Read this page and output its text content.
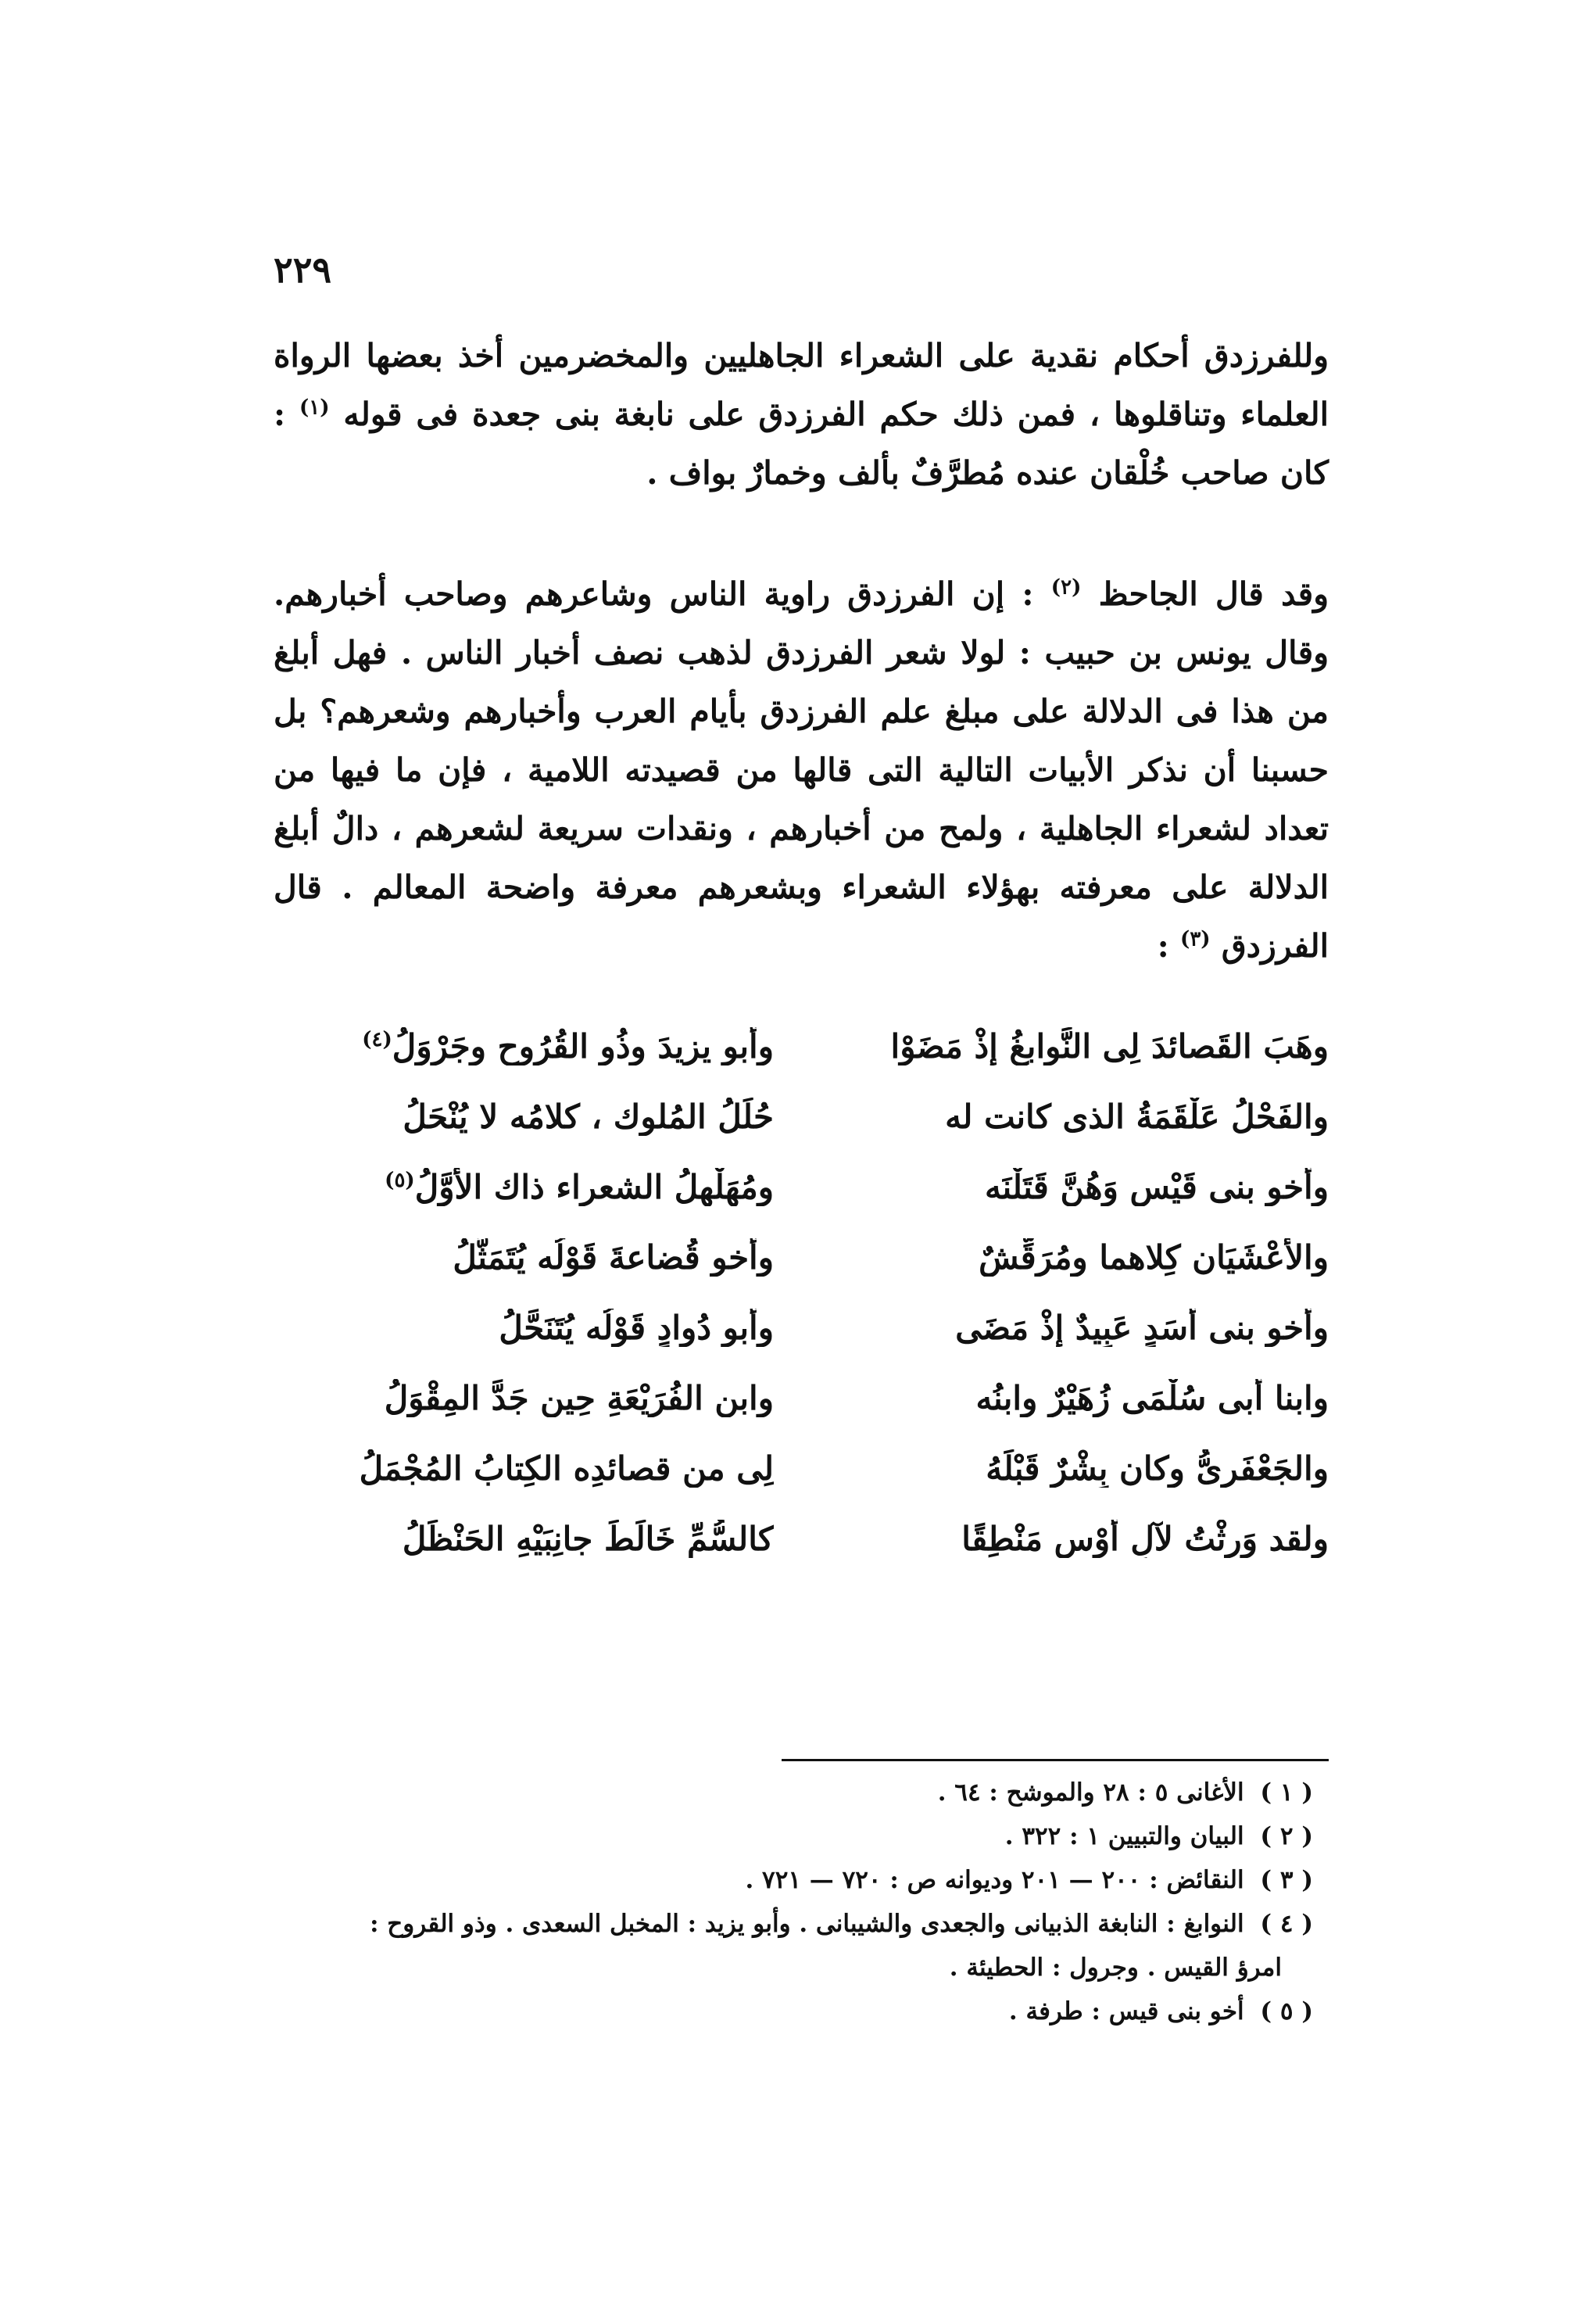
٢٢٩

وللفرزدق أحكام نقدية على الشعراء الجاهليين والمخضرمين أخذ بعضها الرواة العلماء وتناقلوها ، فمن ذلك حكم الفرزدق على نابغة بنى جعدة فى قوله $^{(١)}$ : كان صاحب خُلْقان عنده مُطرَّفٌ بألف وخمارٌ بواف .

وقد قال الجاحظ $^{(٢)}$ : إن الفرزدق راوية الناس وشاعرهم وصاحب أخبارهم. وقال يونس بن حبيب : لولا شعر الفرزدق لذهب نصف أخبار الناس . فهل أبلغ من هذا فى الدلالة على مبلغ علم الفرزدق بأيام العرب وأخبارهم وشعرهم؟ بل حسبنا أن نذكر الأبيات التالية التى قالها من قصيدته اللامية ، فإن ما فيها من تعداد لشعراء الجاهلية ، ولمح من أخبارهم ، ونقدات سريعة لشعرهم ، دالٌ أبلغ الدلالة على معرفته بهؤلاء الشعراء وبشعرهم معرفة واضحة المعالم . قال الفرزدق $^{(٣)}$ :

وهَبَ القَصائدَ لِى النَّوابغُ إذْ مَضَوْا
وأبو يزيدَ وذُو القُرُوحِ وجَرْوَلُ$^{(٤)}$
والفَحْلُ عَلْقَمَةُ الذى كانت له
حُلَلُ المُلوك ، كلامُه لا يُنْحَلُ
وأخو بنى قَيْسٍ وَهُنَّ قَتَلْنَه
ومُهَلْهِلُ الشعراء ذاك الأوَّلُ$^{(٥)}$
والأعْشَيَان كِلاهما ومُرَقِّشٌ
وأخو قُضاعةَ قَوْلُه يُتَمَثَّلُ
وأخو بنى أَسَدٍ عَبِيدٌ إذْ مَضَى
وأبو دُوادٍ قَوْلُه يُتَنَحَّلُ
وابنا أبى سُلْمَى زُهَيْرٌ وابنُه
وابن الفُرَيْعَةِ حِين جَدَّ المِقْوَلُ
والجَعْفَرِىُّ وكان بِشْرٌ قَبْلَهُ
لِى من قصائدِه الكِتابُ المُجْمَلُ
ولقد وَرِثْتُ لآلِ أَوْسٍ مَنْطِقًا
كالسُّمِّ خَالَطَ جانِبَيْهِ الحَنْظَلُ

( ١ ) الأغانى ٥ : ٢٨ والموشح : ٦٤ .

( ٢ ) البيان والتبيين ١ : ٣٢٢ .

( ٣ ) النقائض : ٢٠٠ — ٢٠١ وديوانه ص : ٧٢٠ — ٧٢١ .

( ٤ ) النوابغ : النابغة الذبيانى والجعدى والشيبانى . وأبو يزيد : المخبل السعدى . وذو القروح :

امرؤ القيس . وجرول : الحطيئة .

( ٥ ) أخو بنى قيس : طرفة .
